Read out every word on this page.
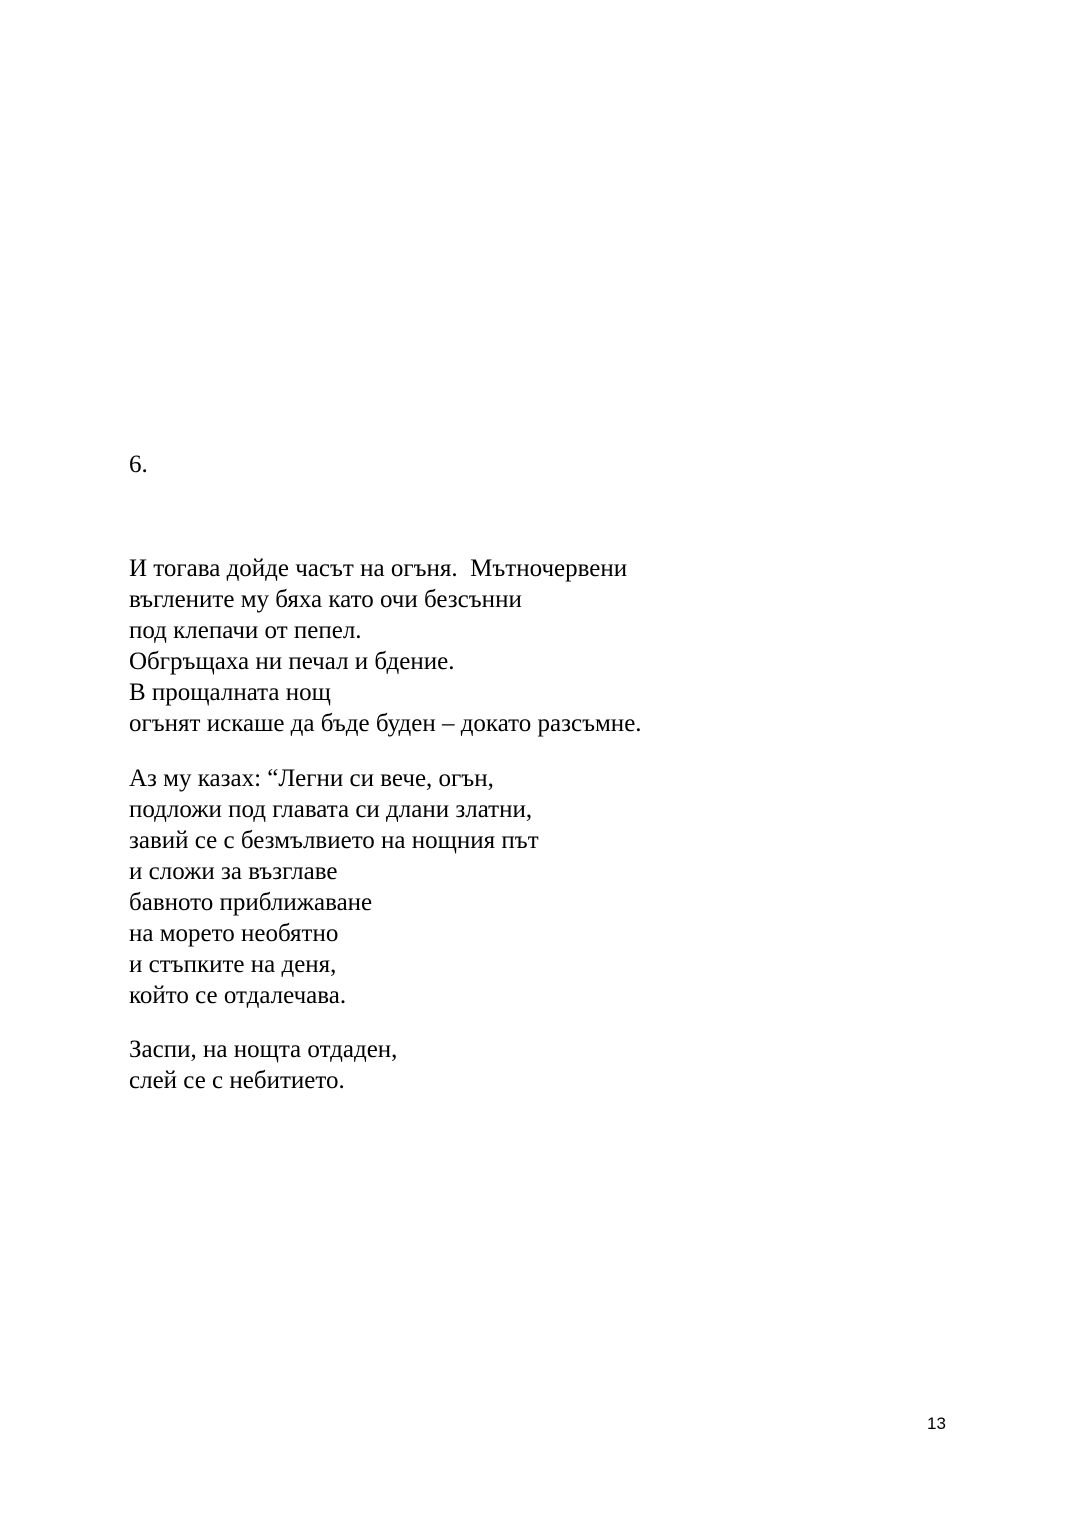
6.

И тогава дойде часът на огъня.  Мътночервени
въглените му бяха като очи безсънни
под клепачи от пепел.
Обгръщаха ни печал и бдение.
В прощалната нощ
огънят искаше да бъде буден – докато разсъмне.
Аз му казах: “Легни си вече, огън,
подложи под главата си длани златни,
завий се с безмълвието на нощния път
и сложи за възглаве
бавното приближаване
на морето необятно
и стъпките на деня,
който се отдалечава.
Заспи, на нощта отдаден,
слей се с небитието.

13
